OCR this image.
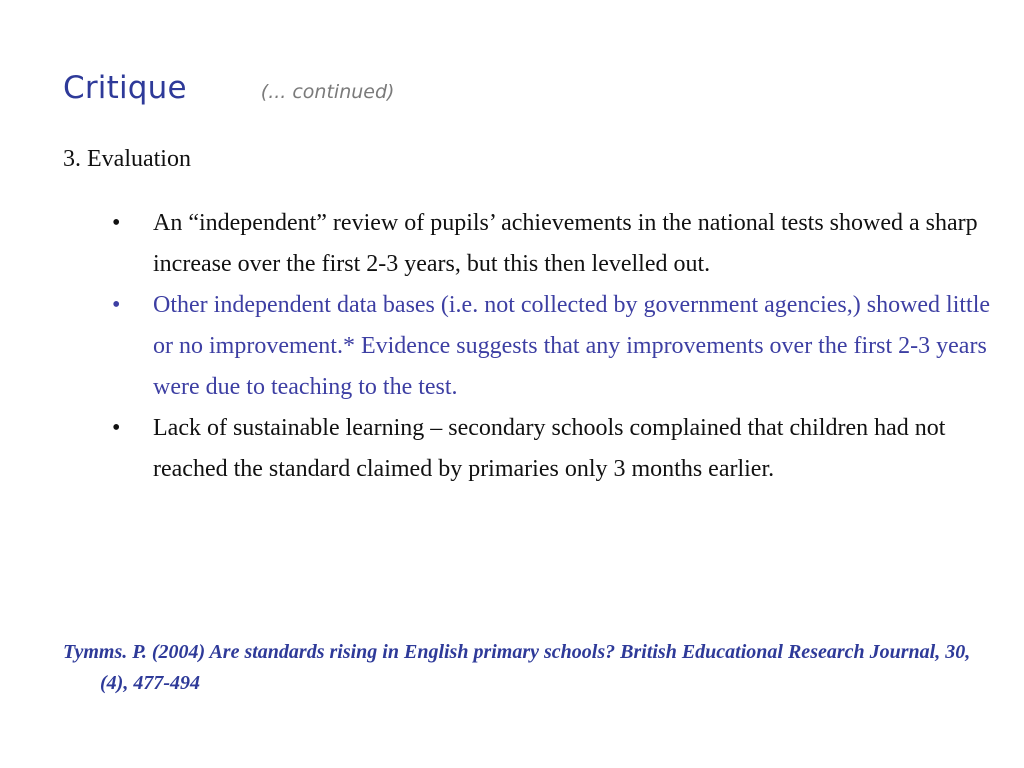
Critique	(... continued)
3. Evaluation
•	An “independent” review of pupils’ achievements in the national tests showed a sharp increase over the first 2-3 years, but this then levelled out.
•	Other independent data bases (i.e. not collected by government agencies,) showed little or no improvement.* Evidence suggests that any improvements over the first 2-3 years were due to teaching to the test.
•	Lack of sustainable learning – secondary schools complained that children had not reached the standard claimed by primaries only 3 months earlier.
Tymms. P. (2004) Are standards rising in English primary schools? British Educational Research Journal, 30, (4), 477-494
